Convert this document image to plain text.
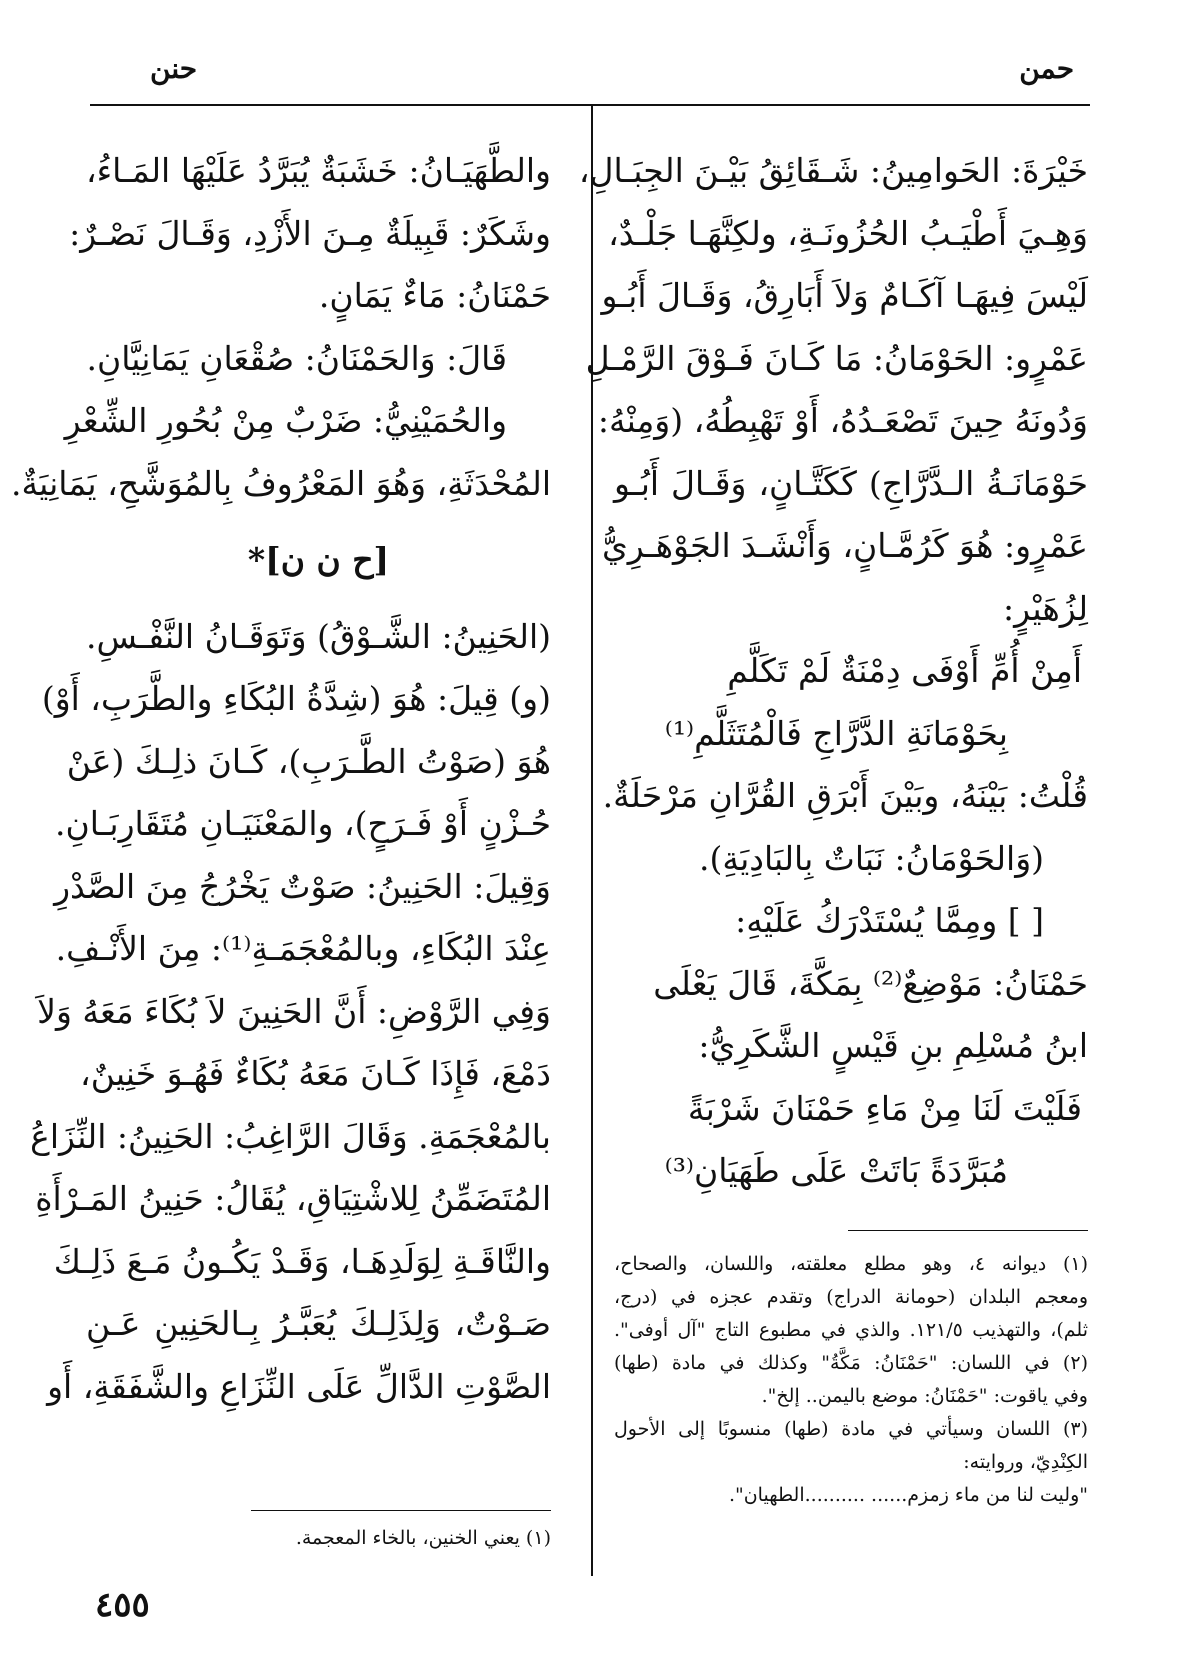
حمن
حنن
خَيْرَةَ: الحَوامِينُ: شَـقَائِقُ بَيْـنَ الجِبَـالِ،
وَهِـيَ أَطْيَـبُ الحُزُونَـةِ، ولكِنَّهَـا جَلْـدٌ،
لَيْسَ فِيهَـا آكَـامٌ وَلاَ أَبَارِقُ، وَقَـالَ أَبُـو
عَمْرٍو: الحَوْمَانُ: مَا كَـانَ فَـوْقَ الرَّمْـلِ
وَدُونَهُ حِينَ تَصْعَـدُهُ، أَوْ تَهْبِطُهُ، (وَمِنْهُ:
حَوْمَانَـةُ الـدَّرَّاجِ) كَكَتَّـانٍ، وَقَـالَ أَبُـو
عَمْرٍو: هُوَ كَرُمَّـانٍ، وَأَنْشَـدَ الجَوْهَـرِيُّ
لِزُهَيْرٍ:
أَمِنْ أُمِّ أَوْفَى دِمْنَةٌ لَمْ تَكَلَّمِ
بِحَوْمَانَةِ الدَّرَّاجِ فَالْمُتَثَلَّمِ⁽¹⁾
قُلْتُ: بَيْنَهُ، وبَيْنَ أَبْرَقِ القُرَّانِ مَرْحَلَةٌ.
(وَالحَوْمَانُ: نَبَاتٌ بِالبَادِيَةِ).
[ ] ومِمَّا يُسْتَدْرَكُ عَلَيْهِ:
حَمْنَانُ: مَوْضِعٌ⁽²⁾ بِمَكَّةَ، قَالَ يَعْلَى
ابنُ مُسْلِمِ بنِ قَيْسٍ الشَّكَرِيُّ:
فَلَيْتَ لَنَا مِنْ مَاءِ حَمْنَانَ شَرْبَةً
مُبَرَّدَةً بَاتَتْ عَلَى طَهَيَانِ⁽³⁾
(١) ديوانه ٤، وهو مطلع معلقته، واللسان، والصحاح،
ومعجم البلدان (حومانة الدراج) وتقدم عجزه في (درج،
ثلم)، والتهذيب ١٢١/٥. والذي في مطبوع التاج "آل أوفى".
(٢) في اللسان: "حَمْنَانُ: مَكَّةُ" وكذلك في مادة (طها)
وفي ياقوت: "حَمْنَانُ: موضع باليمن.. إلخ".
(٣) اللسان وسيأتي في مادة (طها) منسوبًا إلى الأحول
الكِنْدِيّ، وروايته:
"وليت لنا من ماء زمزم...... ..........الطهيان".
والطَّهَيَـانُ: خَشَبَةٌ يُبَرَّدُ عَلَيْهَا المَـاءُ،
وشَكَرٌ: قَبِيلَةٌ مِـنَ الأَزْدِ، وَقَـالَ نَصْـرٌ:
حَمْنَانُ: مَاءٌ يَمَانٍ.
قَالَ: وَالحَمْنَانُ: صُقْعَانِ يَمَانِيَّانِ.
والحُمَيْنِيُّ: ضَرْبٌ مِنْ بُحُورِ الشِّعْرِ
المُحْدَثَةِ، وَهُوَ المَعْرُوفُ بِالمُوَشَّحِ، يَمَانِيَةٌ.
[ح ن ن]*
(الحَنِينُ: الشَّـوْقُ) وَتَوَقَـانُ النَّفْـسِ.
(و) قِيلَ: هُوَ (شِدَّةُ البُكَاءِ والطَّرَبِ، أَوْ)
هُوَ (صَوْتُ الطَّـرَبِ)، كَـانَ ذلِـكَ (عَنْ
حُـزْنٍ أَوْ فَـرَحٍ)، والمَعْنَيَـانِ مُتَقَارِبَـانِ.
وَقِيلَ: الحَنِينُ: صَوْتٌ يَخْرُجُ مِنَ الصَّدْرِ
عِنْدَ البُكَاءِ، وبالمُعْجَمَـةِ⁽¹⁾: مِنَ الأَنْـفِ.
وَفِي الرَّوْضِ: أَنَّ الحَنِينَ لاَ بُكَاءَ مَعَهُ وَلاَ
دَمْعَ، فَإِذَا كَـانَ مَعَهُ بُكَاءٌ فَهُـوَ خَنِينٌ،
بالمُعْجَمَةِ. وَقَالَ الرَّاغِبُ: الحَنِينُ: النِّزَاعُ
المُتَضَمِّنُ لِلاشْتِيَاقِ، يُقَالُ: حَنِينُ المَـرْأَةِ
والنَّاقَـةِ لِوَلَدِهَـا، وَقَـدْ يَكُـونُ مَـعَ ذَلِـكَ
صَـوْتٌ، وَلِذَلِـكَ يُعَبَّـرُ بِـالحَنِينِ عَـنِ
الصَّوْتِ الدَّالِّ عَلَى النِّزَاعِ والشَّفَقَةِ، أَو
(١) يعني الخنين، بالخاء المعجمة.
٤٥٥
